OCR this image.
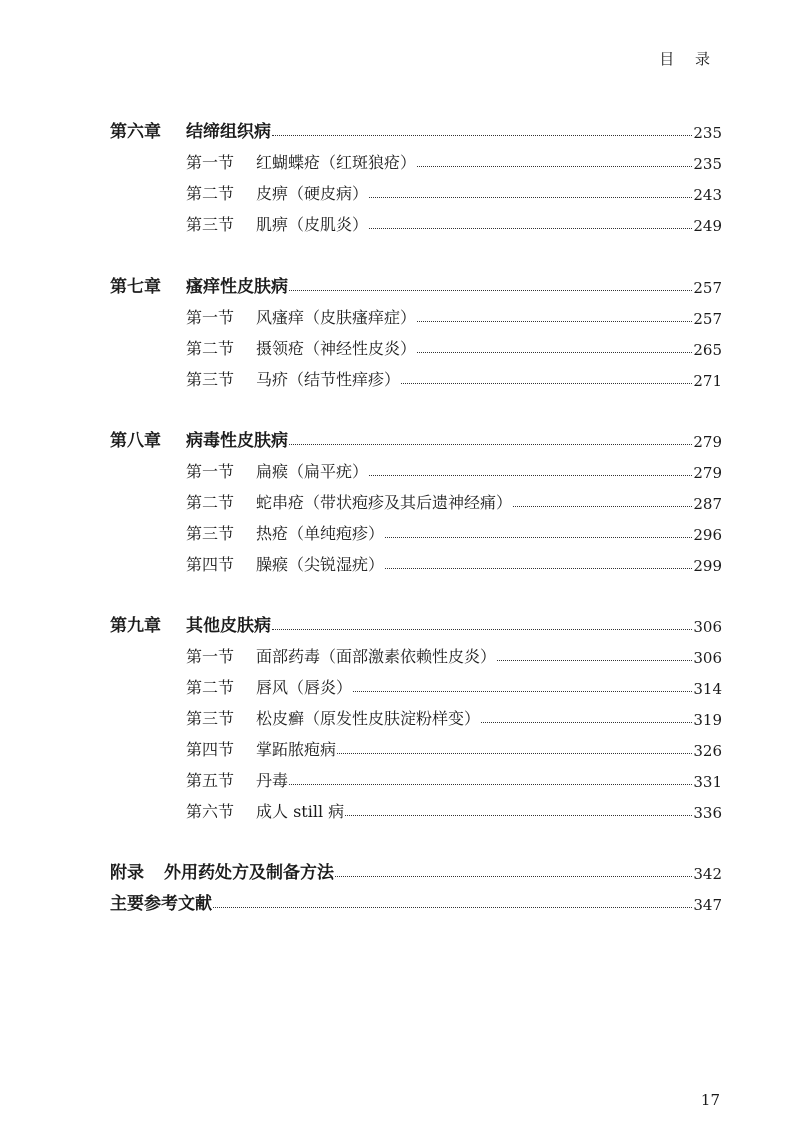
目 录
第六章 结缔组织病	235
第一节 红蝴蝶疮（红斑狼疮）	235
第二节 皮痹（硬皮病）	243
第三节 肌痹（皮肌炎）	249
第七章 瘙痒性皮肤病	257
第一节 风瘙痒（皮肤瘙痒症）	257
第二节 摄领疮（神经性皮炎）	265
第三节 马疥（结节性痒疹）	271
第八章 病毒性皮肤病	279
第一节 扁瘊（扁平疣）	279
第二节 蛇串疮（带状疱疹及其后遗神经痛）	287
第三节 热疮（单纯疱疹）	296
第四节 臊瘊（尖锐湿疣）	299
第九章 其他皮肤病	306
第一节 面部药毒（面部激素依赖性皮炎）	306
第二节 唇风（唇炎）	314
第三节 松皮癣（原发性皮肤淀粉样变）	319
第四节 掌跖脓疱病	326
第五节 丹毒	331
第六节 成人 still 病	336
附录 外用药处方及制备方法	342
主要参考文献	347
17
